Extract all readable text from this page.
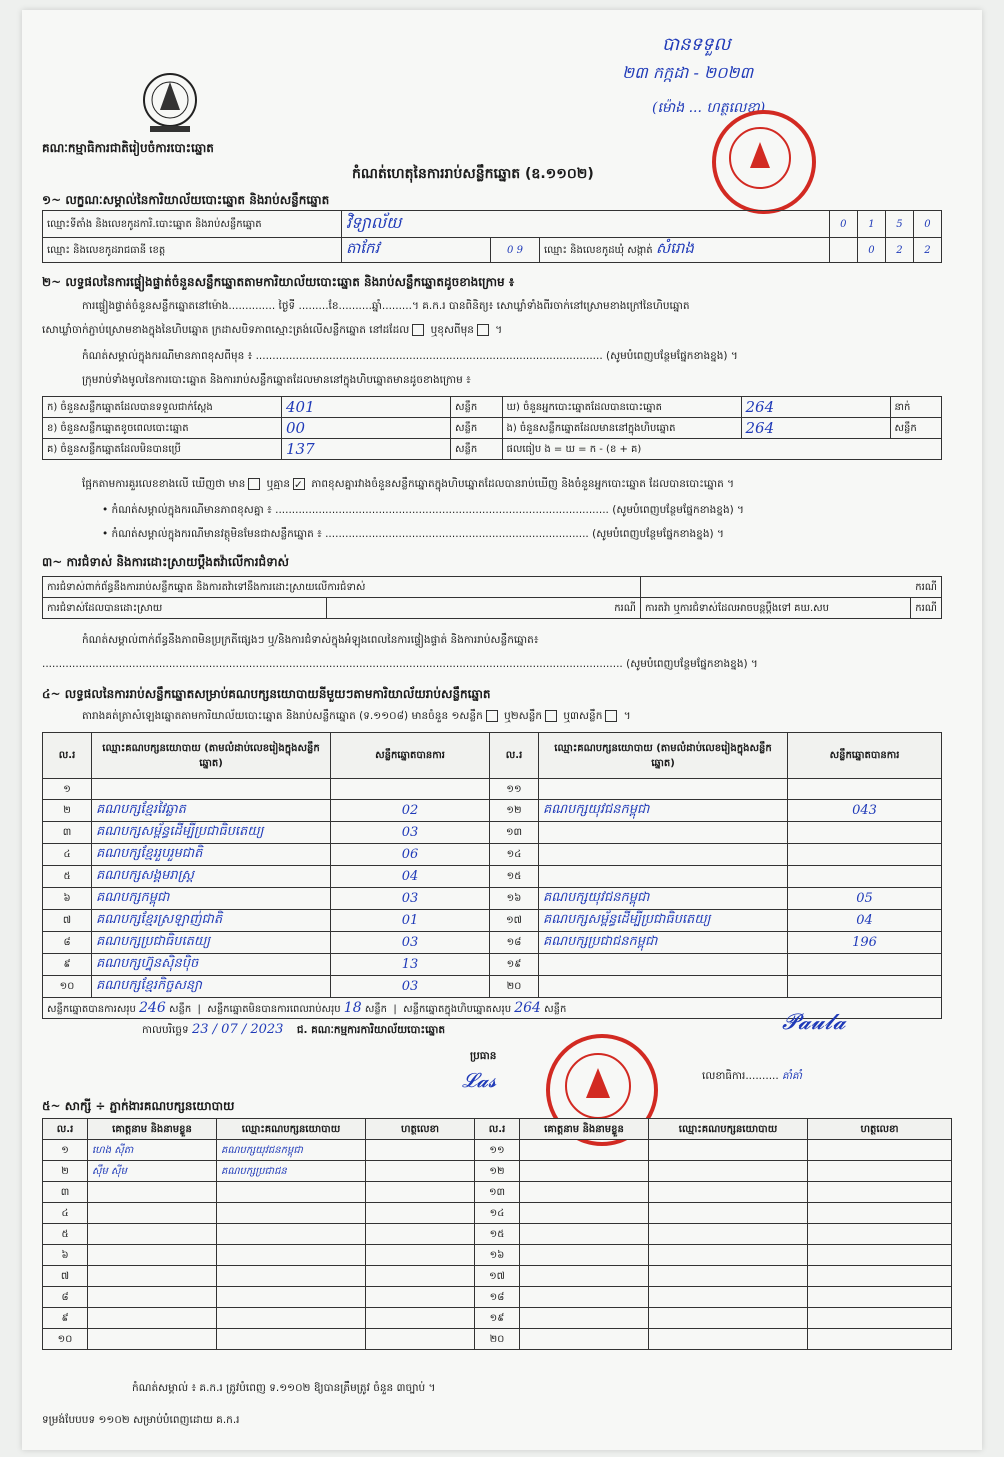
គណៈកម្មាធិការជាតិរៀបចំការបោះឆ្នោត
កំណត់ហេតុនៃការរាប់សន្លឹកឆ្នោត (ឧ.១១០២)
បានទទួល
២៣ កក្កដា - ២០២៣
(ម៉ោង ... ហត្ថលេខា)
១~ លក្ខណៈសម្គាល់នៃការិយាល័យបោះឆ្នោត និងរាប់សន្លឹកឆ្នោត
ឈ្មោះទីតាំង និងលេខកូដការិ.បោះឆ្នោត និងរាប់សន្លឹកឆ្នោត	វិទ្យាល័យ			0	1	5	0
ឈ្មោះ និងលេខកូដរាជធានី ខេត្ត	តាកែវ	0 9	ឈ្មោះ និងលេខកូដឃុំ សង្កាត់ សំរោង		0	2	2
២~ លទ្ធផលនៃការផ្ទៀងផ្ទាត់ចំនួនសន្លឹកឆ្នោតតាមការិយាល័យបោះឆ្នោត និងរាប់សន្លឹកឆ្នោតដូចខាងក្រោម ៖
ការផ្ទៀងផ្ទាត់ចំនួនសន្លឹកឆ្នោតនៅម៉ោង.............. ថ្ងៃទី .........ខែ..........ឆ្នាំ.........។ គ.ក.រ បានពិនិត្យ៖ សោឃ្លាំទាំងពីរចាក់នៅស្រោមខាងក្រៅនៃហិបឆ្នោត
សោឃ្លាំចាក់ភ្ជាប់ស្រោមខាងក្នុងនៃហិបឆ្នោត ក្រដាសបិទភាពស្មោះត្រង់លើសន្លឹកឆ្នោត នៅដដែល ឬខុសពីមុន ។
កំណត់សម្គាល់ក្នុងករណីមានភាពខុសពីមុន ៖ ........................................................................................................ (សូមបំពេញបន្ថែមផ្នែកខាងខ្នង) ។
ក្រុមរាប់ទាំងមូលនៃការបោះឆ្នោត និងការរាប់សន្លឹកឆ្នោតដែលមាននៅក្នុងហិបឆ្នោតមានដូចខាងក្រោម ៖
ក) ចំនួនសន្លឹកឆ្នោតដែលបានទទួលជាក់ស្តែង	401	សន្លឹក	ឃ) ចំនួនអ្នកបោះឆ្នោតដែលបានបោះឆ្នោត	264	នាក់
ខ) ចំនួនសន្លឹកឆ្នោតខូចពេលបោះឆ្នោត	00	សន្លឹក	ង) ចំនួនសន្លឹកឆ្នោតដែលមាននៅក្នុងហិបឆ្នោត	264	សន្លឹក
គ) ចំនួនសន្លឹកឆ្នោតដែលមិនបានប្រើ	137	សន្លឹក	ផលធៀប ង = ឃ = ក - (ខ + គ)		
ផ្អែកតាមការគួរលេខខាងលើ ឃើញថា មាន ឬគ្មាន ✓ ភាពខុសគ្នារវាងចំនួនសន្លឹកឆ្នោតក្នុងហិបឆ្នោតដែលបានរាប់ឃើញ និងចំនួនអ្នកបោះឆ្នោត ដែលបានបោះឆ្នោត ។
• កំណត់សម្គាល់ក្នុងករណីមានភាពខុសគ្នា ៖ .................................................................................................... (សូមបំពេញបន្ថែមផ្នែកខាងខ្នង) ។
• កំណត់សម្គាល់ក្នុងករណីមានវត្ថុមិនមែនជាសន្លឹកឆ្នោត ៖ ............................................................................... (សូមបំពេញបន្ថែមផ្នែកខាងខ្នង) ។
៣~ ការជំទាស់ និងការដោះស្រាយប្តឹងតវ៉ាលើការជំទាស់
ការជំទាស់ពាក់ព័ន្ធនឹងការរាប់សន្លឹកឆ្នោត និងការតវ៉ាទៅនឹងការដោះស្រាយលើការជំទាស់		ករណី	
ការជំទាស់ដែលបានដោះស្រាយ	ករណី	ការតវ៉ា ឬការជំទាស់ដែលអាចបន្តប្តឹងទៅ គឃ.សប	ករណី
កំណត់សម្គាល់ពាក់ព័ន្ធនឹងភាពមិនប្រក្រតីផ្សេងៗ ឬ/និងការជំទាស់ក្នុងអំឡុងពេលនៃការផ្ទៀងផ្ទាត់ និងការរាប់សន្លឹកឆ្នោត៖
.............................................................................................................................................................................. (សូមបំពេញបន្ថែមផ្នែកខាងខ្នង) ។
៤~ លទ្ធផលនៃការរាប់សន្លឹកឆ្នោតសម្រាប់គណបក្សនយោបាយនីមួយៗតាមការិយាល័យរាប់សន្លឹកឆ្នោត
តារាងគត់ត្រាសំឡេងឆ្នោតតាមការិយាល័យបោះឆ្នោត និងរាប់សន្លឹកឆ្នោត (ទ.១១០៨) មានចំនួន ១សន្លឹក ឬ២សន្លឹក ឬ៣សន្លឹក ។
ល.រ	ឈ្មោះគណបក្សនយោបាយ (តាមលំដាប់លេខរៀងក្នុងសន្លឹកឆ្នោត)	សន្លឹកឆ្នោតបានការ	ល.រ	ឈ្មោះគណបក្សនយោបាយ (តាមលំដាប់លេខរៀងក្នុងសន្លឹកឆ្នោត)	សន្លឹកឆ្នោតបានការ
១			១១		
២	គណបក្សខ្មែរវៃឆ្លាត	02	១២	គណបក្សយុវជនកម្ពុជា	043
៣	គណបក្សសម្ព័ន្ធដើម្បីប្រជាធិបតេយ្យ	03	១៣		
៤	គណបក្សខ្មែររួបរួមជាតិ	06	១៤		
៥	គណបក្សសង្គមរាស្ត្រ	04	១៥		
៦	គណបក្សកម្ពុជា	03	១៦	គណបក្សយុវជនកម្ពុជា	05
៧	គណបក្សខ្មែរស្រឡាញ់ជាតិ	01	១៧	គណបក្សសម្ព័ន្ធដើម្បីប្រជាធិបតេយ្យ	04
៨	គណបក្សប្រជាធិបតេយ្យ	03	១៨	គណបក្សប្រជាជនកម្ពុជា	196
៩	គណបក្សហ្វ៊ុនស៊ិនប៉ិច	13	១៩		
១០	គណបក្សខ្មែរកិច្ចសន្យា	03	២០		
សន្លឹកឆ្នោតបានការសរុប 246 សន្លឹក  |  សន្លឹកឆ្នោតមិនបានការពេលរាប់សរុប 18 សន្លឹក  |  សន្លឹកឆ្នោតក្នុងហិបឆ្នោតសរុប 264 សន្លឹក					
កាលបរិច្ឆេទ 23 / 07 / 2023 ជ. គណៈកម្មការការិយាល័យបោះឆ្នោត	𝓟𝓪𝓾𝓵𝓪
ប្រធាន
លេខាធិការ.......... គាំគាំ
𝓛𝓪𝓼
៥~ សាក្សី ÷ ភ្នាក់ងារគណបក្សនយោបាយ
ល.រ	គោត្តនាម និងនាមខ្លួន	ឈ្មោះគណបក្សនយោបាយ	ហត្ថលេខា	ល.រ	គោត្តនាម និងនាមខ្លួន	ឈ្មោះគណបក្សនយោបាយ	ហត្ថលេខា
១	ហេង ស៊ីតា	គណបក្សយុវជនកម្ពុជា		១១			
២	ស៊ឹម ស៊ីម	គណបក្សប្រជាជន		១២			
៣				១៣			
៤				១៤			
៥				១៥			
៦				១៦			
៧				១៧			
៨				១៨			
៩				១៩			
១០				២០			
កំណត់សម្គាល់ ៖ គ.ក.រ ត្រូវបំពេញ ទ.១១០២ ឱ្យបានត្រឹមត្រូវ ចំនួន ៣ច្បាប់ ។
ទម្រង់បែបបទ ១១០២ សម្រាប់បំពេញដោយ គ.ក.រ
